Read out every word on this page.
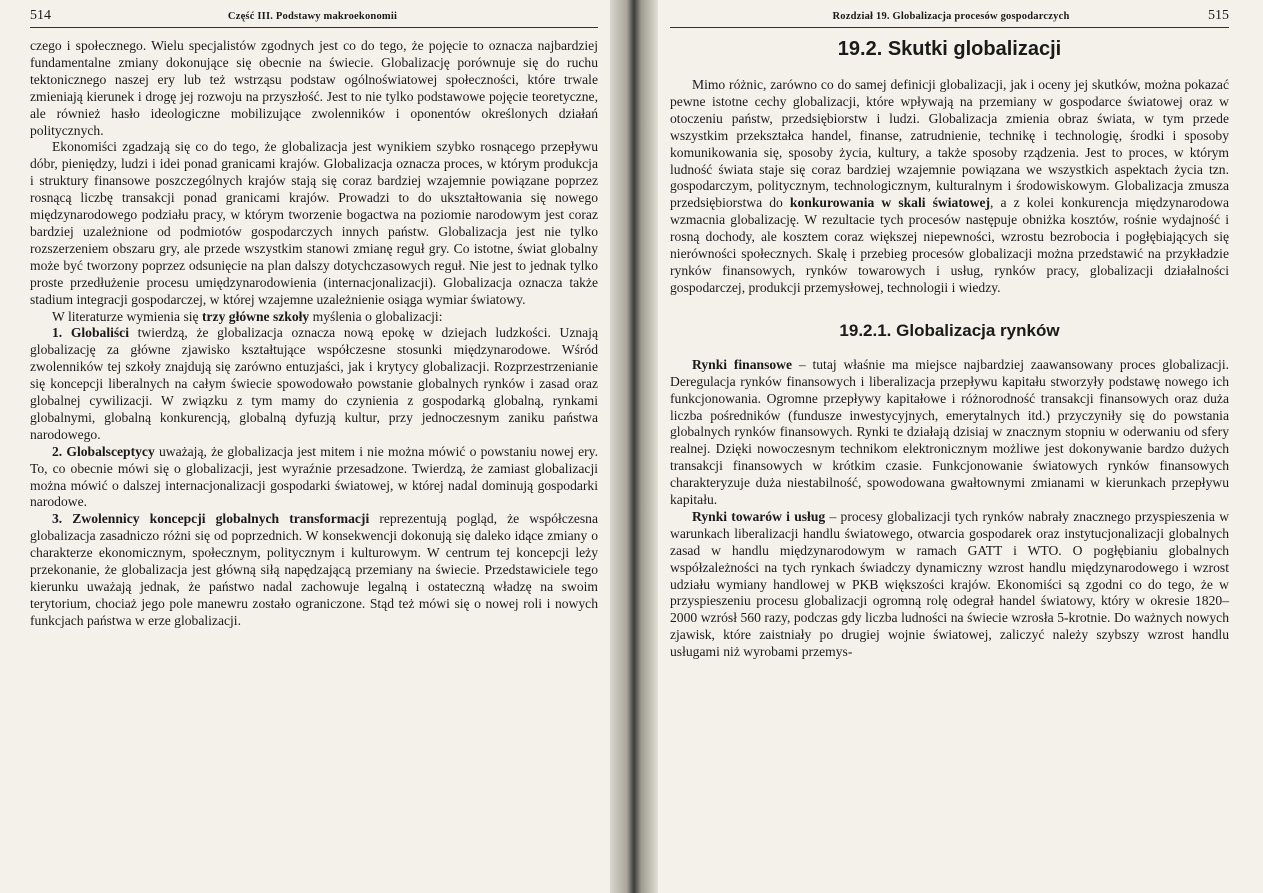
514	Część III. Podstawy makroekonomii

czego i społecznego. Wielu specjalistów zgodnych jest co do tego, że pojęcie to oznacza najbardziej fundamentalne zmiany dokonujące się obecnie na świecie. Globalizację porównuje się do ruchu tektonicznego naszej ery lub też wstrząsu podstaw ogólnoświatowej społeczności, które trwale zmieniają kierunek i drogę jej rozwoju na przyszłość. Jest to nie tylko podstawowe pojęcie teoretyczne, ale również hasło ideologiczne mobilizujące zwolenników i oponentów określonych działań politycznych.

Ekonomiści zgadzają się co do tego, że globalizacja jest wynikiem szybko rosnącego przepływu dóbr, pieniędzy, ludzi i idei ponad granicami krajów. Globalizacja oznacza proces, w którym produkcja i struktury finansowe poszczególnych krajów stają się coraz bardziej wzajemnie powiązane poprzez rosnącą liczbę transakcji ponad granicami krajów. Prowadzi to do ukształtowania się nowego międzynarodowego podziału pracy, w którym tworzenie bogactwa na poziomie narodowym jest coraz bardziej uzależnione od podmiotów gospodarczych innych państw. Globalizacja jest nie tylko rozszerzeniem obszaru gry, ale przede wszystkim stanowi zmianę reguł gry. Co istotne, świat globalny może być tworzony poprzez odsunięcie na plan dalszy dotychczasowych reguł. Nie jest to jednak tylko proste przedłużenie procesu umiędzynarodowienia (internacjonalizacji). Globalizacja oznacza także stadium integracji gospodarczej, w której wzajemne uzależnienie osiąga wymiar światowy.

W literaturze wymienia się trzy główne szkoły myślenia o globalizacji:

1. Globaliści twierdzą, że globalizacja oznacza nową epokę w dziejach ludzkości. Uznają globalizację za główne zjawisko kształtujące współczesne stosunki międzynarodowe. Wśród zwolenników tej szkoły znajdują się zarówno entuzjaści, jak i krytycy globalizacji. Rozprzestrzenianie się koncepcji liberalnych na całym świecie spowodowało powstanie globalnych rynków i zasad oraz globalnej cywilizacji. W związku z tym mamy do czynienia z gospodarką globalną, rynkami globalnymi, globalną konkurencją, globalną dyfuzją kultur, przy jednoczesnym zaniku państwa narodowego.

2. Globalsceptycy uważają, że globalizacja jest mitem i nie można mówić o powstaniu nowej ery. To, co obecnie mówi się o globalizacji, jest wyraźnie przesadzone. Twierdzą, że zamiast globalizacji można mówić o dalszej internacjonalizacji gospodarki światowej, w której nadal dominują gospodarki narodowe.

3. Zwolennicy koncepcji globalnych transformacji reprezentują pogląd, że współczesna globalizacja zasadniczo różni się od poprzednich. W konsekwencji dokonują się daleko idące zmiany o charakterze ekonomicznym, społecznym, politycznym i kulturowym. W centrum tej koncepcji leży przekonanie, że globalizacja jest główną siłą napędzającą przemiany na świecie. Przedstawiciele tego kierunku uważają jednak, że państwo nadal zachowuje legalną i ostateczną władzę na swoim terytorium, chociaż jego pole manewru zostało ograniczone. Stąd też mówi się o nowej roli i nowych funkcjach państwa w erze globalizacji.

Rozdział 19. Globalizacja procesów gospodarczych	515
19.2. Skutki globalizacji

Mimo różnic, zarówno co do samej definicji globalizacji, jak i oceny jej skutków, można pokazać pewne istotne cechy globalizacji, które wpływają na przemiany w gospodarce światowej oraz w otoczeniu państw, przedsiębiorstw i ludzi. Globalizacja zmienia obraz świata, w tym przede wszystkim przekształca handel, finanse, zatrudnienie, technikę i technologię, środki i sposoby komunikowania się, sposoby życia, kultury, a także sposoby rządzenia. Jest to proces, w którym ludność świata staje się coraz bardziej wzajemnie powiązana we wszystkich aspektach życia tzn. gospodarczym, politycznym, technologicznym, kulturalnym i środowiskowym. Globalizacja zmusza przedsiębiorstwa do konkurowania w skali światowej, a z kolei konkurencja międzynarodowa wzmacnia globalizację. W rezultacie tych procesów następuje obniżka kosztów, rośnie wydajność i rosną dochody, ale kosztem coraz większej niepewności, wzrostu bezrobocia i pogłębiających się nierówności społecznych. Skalę i przebieg procesów globalizacji można przedstawić na przykładzie rynków finansowych, rynków towarowych i usług, rynków pracy, globalizacji działalności gospodarczej, produkcji przemysłowej, technologii i wiedzy.

19.2.1. Globalizacja rynków

Rynki finansowe – tutaj właśnie ma miejsce najbardziej zaawansowany proces globalizacji. Deregulacja rynków finansowych i liberalizacja przepływu kapitału stworzyły podstawę nowego ich funkcjonowania. Ogromne przepływy kapitałowe i różnorodność transakcji finansowych oraz duża liczba pośredników (fundusze inwestycyjnych, emerytalnych itd.) przyczyniły się do powstania globalnych rynków finansowych. Rynki te działają dzisiaj w znacznym stopniu w oderwaniu od sfery realnej. Dzięki nowoczesnym technikom elektronicznym możliwe jest dokonywanie bardzo dużych transakcji finansowych w krótkim czasie. Funkcjonowanie światowych rynków finansowych charakteryzuje duża niestabilność, spowodowana gwałtownymi zmianami w kierunkach przepływu kapitału.

Rynki towarów i usług – procesy globalizacji tych rynków nabrały znacznego przyspieszenia w warunkach liberalizacji handlu światowego, otwarcia gospodarek oraz instytucjonalizacji globalnych zasad w handlu międzynarodowym w ramach GATT i WTO. O pogłębianiu globalnych współzależności na tych rynkach świadczy dynamiczny wzrost handlu międzynarodowego i wzrost udziału wymiany handlowej w PKB większości krajów. Ekonomiści są zgodni co do tego, że w przyspieszeniu procesu globalizacji ogromną rolę odegrał handel światowy, który w okresie 1820–2000 wzrósł 560 razy, podczas gdy liczba ludności na świecie wzrosła 5-krotnie. Do ważnych nowych zjawisk, które zaistniały po drugiej wojnie światowej, zaliczyć należy szybszy wzrost handlu usługami niż wyrobami przemys-
